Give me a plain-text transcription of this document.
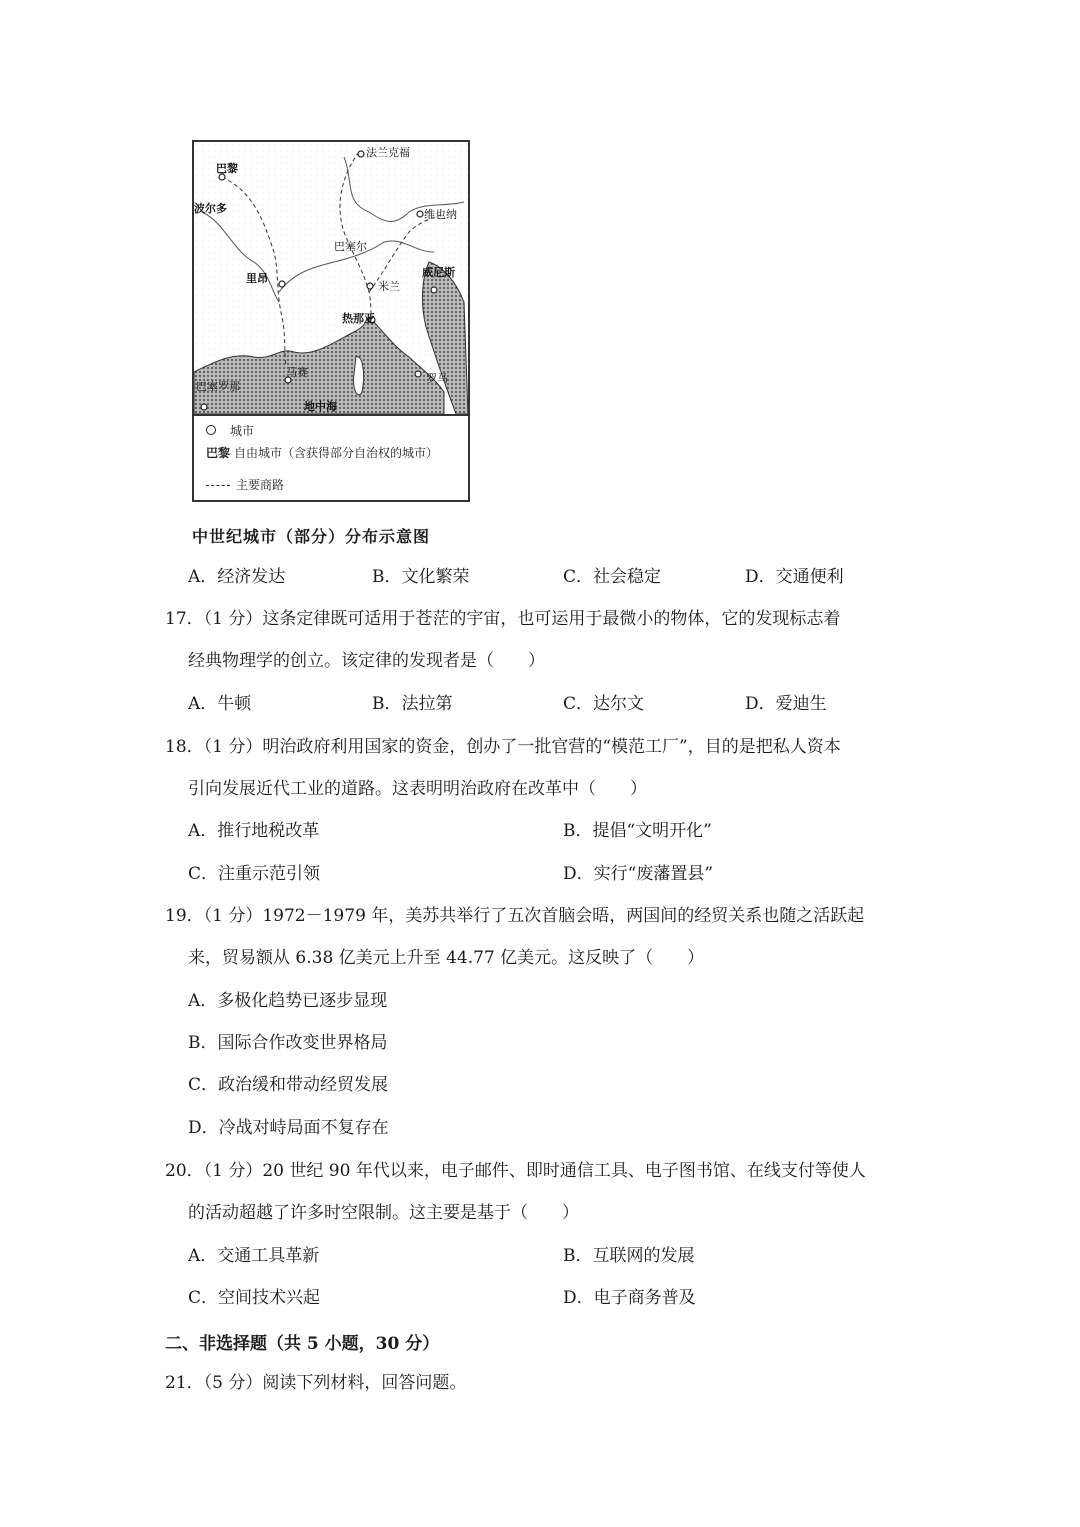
法兰克福
巴黎
波尔多
里昂
马赛
热那亚
米兰
威尼斯
巴塞罗那
罗马
维也纳
巴塞尔
地中海
城市
巴黎 自由城市（含获得部分自治权的城市）
主要商路
中世纪城市（部分）分布示意图
A．经济发达	B．文化繁荣	C．社会稳定	D．交通便利
17．（1 分）这条定律既可适用于苍茫的宇宙，也可运用于最微小的物体，它的发现标志着
经典物理学的创立。该定律的发现者是（　　）
A．牛顿	B．法拉第	C．达尔文	D．爱迪生
18．（1 分）明治政府利用国家的资金，创办了一批官营的“模范工厂”，目的是把私人资本
引向发展近代工业的道路。这表明明治政府在改革中（　　）
A．推行地税改革	B．提倡“文明开化”
C．注重示范引领	D．实行“废藩置县”
19．（1 分）1972－1979 年，美苏共举行了五次首脑会晤，两国间的经贸关系也随之活跃起
来，贸易额从 6.38 亿美元上升至 44.77 亿美元。这反映了（　　）
A．多极化趋势已逐步显现
B．国际合作改变世界格局
C．政治缓和带动经贸发展
D．冷战对峙局面不复存在
20．（1 分）20 世纪 90 年代以来，电子邮件、即时通信工具、电子图书馆、在线支付等使人
的活动超越了许多时空限制。这主要是基于（　　）
A．交通工具革新	B．互联网的发展
C．空间技术兴起	D．电子商务普及
二、非选择题（共 5 小题，30 分）
21．（5 分）阅读下列材料，回答问题。
